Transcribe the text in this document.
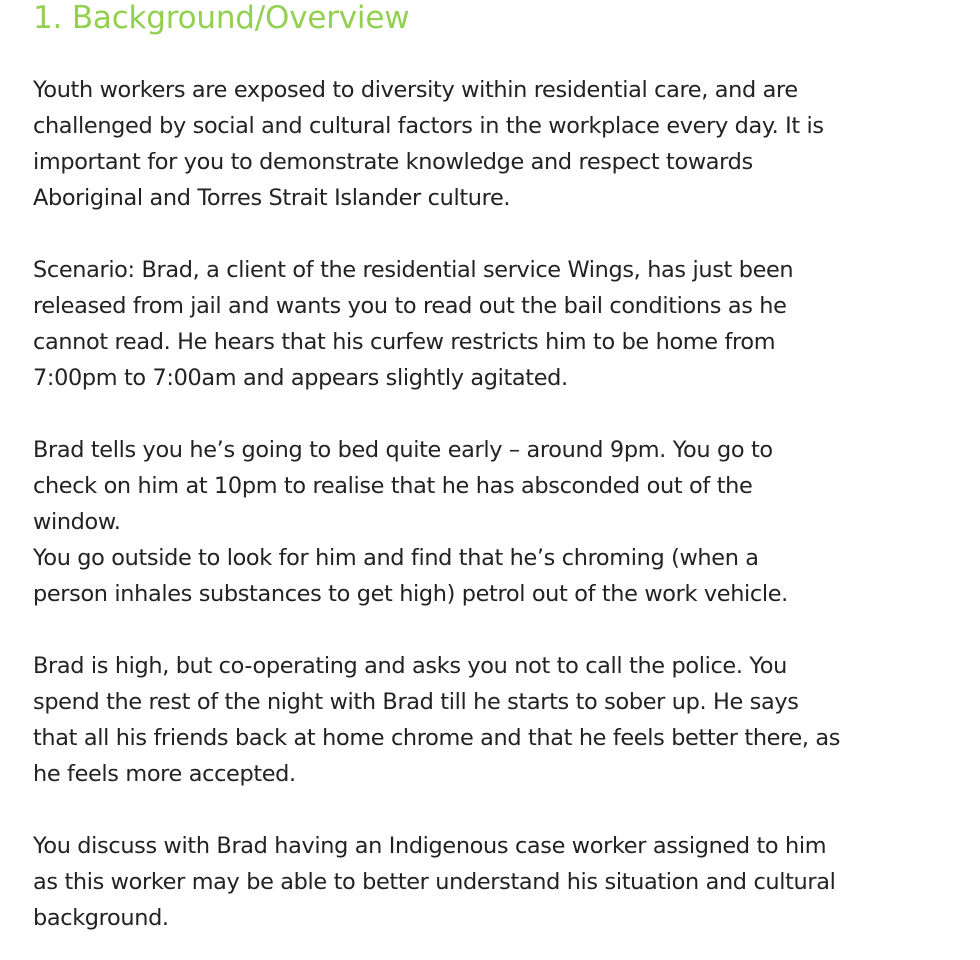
1. Background/Overview
Youth workers are exposed to diversity within residential care, and are
challenged by social and cultural factors in the workplace every day. It is
important for you to demonstrate knowledge and respect towards
Aboriginal and Torres Strait Islander culture.
Scenario: Brad, a client of the residential service Wings, has just been
released from jail and wants you to read out the bail conditions as he
cannot read. He hears that his curfew restricts him to be home from
7:00pm to 7:00am and appears slightly agitated.
Brad tells you he’s going to bed quite early – around 9pm. You go to
check on him at 10pm to realise that he has absconded out of the
window.
You go outside to look for him and find that he’s chroming (when a
person inhales substances to get high) petrol out of the work vehicle.
Brad is high, but co-operating and asks you not to call the police. You
spend the rest of the night with Brad till he starts to sober up. He says
that all his friends back at home chrome and that he feels better there, as
he feels more accepted.
You discuss with Brad having an Indigenous case worker assigned to him
as this worker may be able to better understand his situation and cultural
background.
